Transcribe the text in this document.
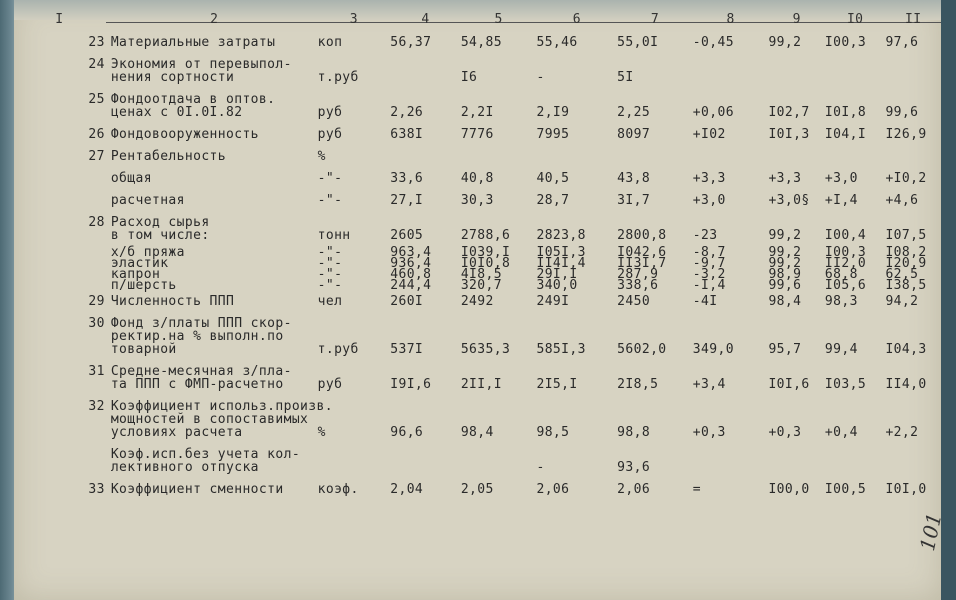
I	2	3	4	5	6	7	8	9	I0	II
23	Материальные затраты	коп	56,37	54,85	55,46	55,0I	-0,45	99,2	I00,3	97,6
24	Экономия от перевыпол-
нения сортности	т.руб		I6	-	5I				
25	Фондоотдача в оптов.
ценах с 0I.0I.82	руб	2,26	2,2I	2,I9	2,25	+0,06	I02,7	I0I,8	99,6
26	Фондовооруженность	руб	638I	7776	7995	8097	+I02	I0I,3	I04,I	I26,9
27	Рентабельность	%								

	общая	-"-	33,6	40,8	40,5	43,8	+3,3	+3,3	+3,0	+I0,2

	расчетная	-"-	27,I	30,3	28,7	3I,7	+3,0	+3,0§	+I,4	+4,6
28	Расход сырья
в том числе:	тонн	2605	2788,6	2823,8	2800,8	-23	99,2	I00,4	I07,5

	х/б пряжа	-"-	963,4	I039,I	I05I,3	I042,6	-8,7	99,2	I00,3	I08,2

	эластик	-"-	936,4	I0I0,8	II4I,4	II3I,7	-9,7	99,2	II2,0	I20,9

	капрон	-"-	460,8	4I8,5	29I,I	287,9	-3,2	98,9	68,8	62,5

	п/шерсть	-"-	244,4	320,7	340,0	338,6	-I,4	99,6	I05,6	I38,5
29	Численность ППП	чел	260I	2492	249I	2450	-4I	98,4	98,3	94,2
30	Фонд з/платы ППП скор-
ректир.на % выполн.по
товарной	т.руб	537I	5635,3	585I,3	5602,0	349,0	95,7	99,4	I04,3
31	Средне-месячная з/пла-
та ППП с ФМП-расчетно	руб	I9I,6	2II,I	2I5,I	2I8,5	+3,4	I0I,6	I03,5	II4,0
32	Коэффициент использ.произв.
мощностей в сопоставимых
условиях расчета	%	96,6	98,4	98,5	98,8	+0,3	+0,3	+0,4	+2,2

	Коэф.исп.без учета кол-
лективного отпуска				-	93,6				
33	Коэффициент сменности	коэф.	2,04	2,05	2,06	2,06	=	I00,0	I00,5	I0I,0
101
